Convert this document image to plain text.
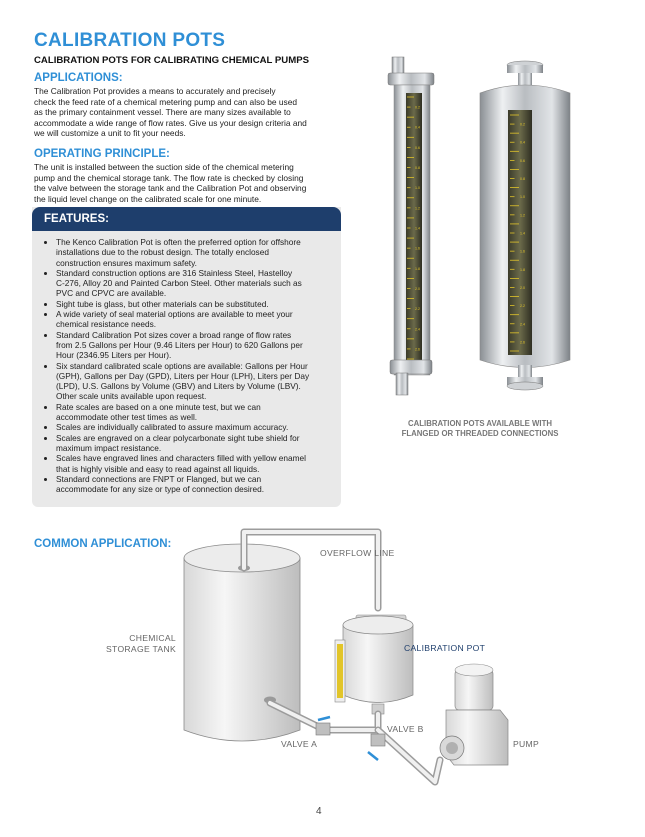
CALIBRATION POTS
CALIBRATION POTS FOR CALIBRATING CHEMICAL PUMPS
APPLICATIONS:
The Calibration Pot provides a means to accurately and precisely
check the feed rate of a chemical metering pump and can also be used
as the primary containment vessel. There are many sizes available to
accommodate a wide range of flow rates. Give us your design criteria and
we will customize a unit to fit your needs.
OPERATING PRINCIPLE:
The unit is installed between the suction side of the chemical metering
pump and the chemical storage tank. The flow rate is checked by closing
the valve between the storage tank and the Calibration Pot and observing
the liquid level change on the calibrated scale for one minute.
FEATURES:
• The Kenco Calibration Pot is often the preferred option for offshore
installations due to the robust design. The totally enclosed
construction ensures maximum safety.
• Standard construction options are 316 Stainless Steel, Hastelloy
C-276, Alloy 20 and Painted Carbon Steel. Other materials such as
PVC and CPVC are available.
• Sight tube is glass, but other materials can be substituted.
• A wide variety of seal material options are available to meet your
chemical resistance needs.
• Standard Calibration Pot sizes cover a broad range of flow rates
from 2.5 Gallons per Hour (9.46 Liters per Hour) to 620 Gallons per
Hour (2346.95 Liters per Hour).
• Six standard calibrated scale options are available: Gallons per Hour
(GPH), Gallons per Day (GPD), Liters per Hour (LPH), Liters per Day
(LPD), U.S. Gallons by Volume (GBV) and Liters by Volume (LBV).
Other scale units available upon request.
• Rate scales are based on a one minute test, but we can
accommodate other test times as well.
• Scales are individually calibrated to assure maximum accuracy.
• Scales are engraved on a clear polycarbonate sight tube shield for
maximum impact resistance.
• Scales have engraved lines and characters filled with yellow enamel
that is highly visible and easy to read against all liquids.
• Standard connections are FNPT or Flanged, but we can
accommodate for any size or type of connection desired.
0.2
0.4
0.6
0.8
1.0
1.2
1.4
1.6
1.8
2.0
2.2
2.4
2.6
0.2
0.4
0.6
0.8
1.0
1.2
1.4
1.6
1.8
2.0
2.2
2.4
2.6
CALIBRATION POTS AVAILABLE WITH
FLANGED OR THREADED CONNECTIONS
COMMON APPLICATION:
OVERFLOW LINE
CHEMICAL
STORAGE TANK	CALIBRATION POT
VALVE A
VALVE B
PUMP
4
